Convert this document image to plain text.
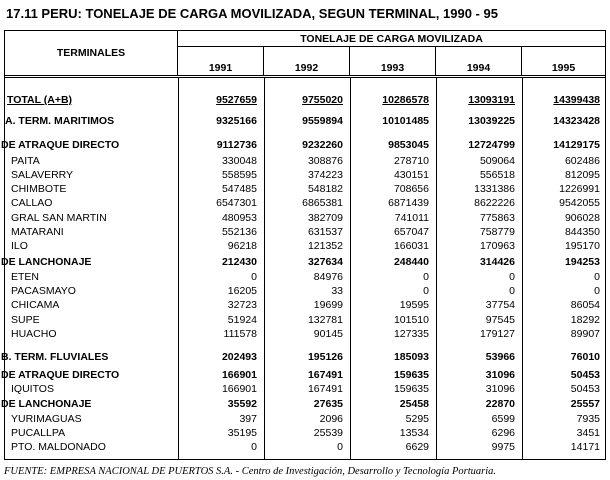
17.11 PERU: TONELAJE DE CARGA MOVILIZADA, SEGUN TERMINAL, 1990 - 95
TERMINALES
TONELAJE DE CARGA MOVILIZADA
1991	1992	1993	1994	1995
TOTAL (A+B)	9527659	9755020	10286578	13093191	14399438
A. TERM. MARITIMOS	9325166	9559894	10101485	13039225	14323428
DE ATRAQUE DIRECTO	9112736	9232260	9853045	12724799	14129175
PAITA	330048	308876	278710	509064	602486
SALAVERRY	558595	374223	430151	556518	812095
CHIMBOTE	547485	548182	708656	1331386	1226991
CALLAO	6547301	6865381	6871439	8622226	9542055
GRAL SAN MARTIN	480953	382709	741011	775863	906028
MATARANI	552136	631537	657047	758779	844350
ILO	96218	121352	166031	170963	195170
DE LANCHONAJE	212430	327634	248440	314426	194253
ETEN	0	84976	0	0	0
PACASMAYO	16205	33	0	0	0
CHICAMA	32723	19699	19595	37754	86054
SUPE	51924	132781	101510	97545	18292
HUACHO	111578	90145	127335	179127	89907
B. TERM. FLUVIALES	202493	195126	185093	53966	76010
DE ATRAQUE DIRECTO	166901	167491	159635	31096	50453
IQUITOS	166901	167491	159635	31096	50453
DE LANCHONAJE	35592	27635	25458	22870	25557
YURIMAGUAS	397	2096	5295	6599	7935
PUCALLPA	35195	25539	13534	6296	3451
PTO. MALDONADO	0	0	6629	9975	14171
FUENTE: EMPRESA NACIONAL DE PUERTOS S.A. - Centro de Investigación, Desarrollo y Tecnología Portuaria.
